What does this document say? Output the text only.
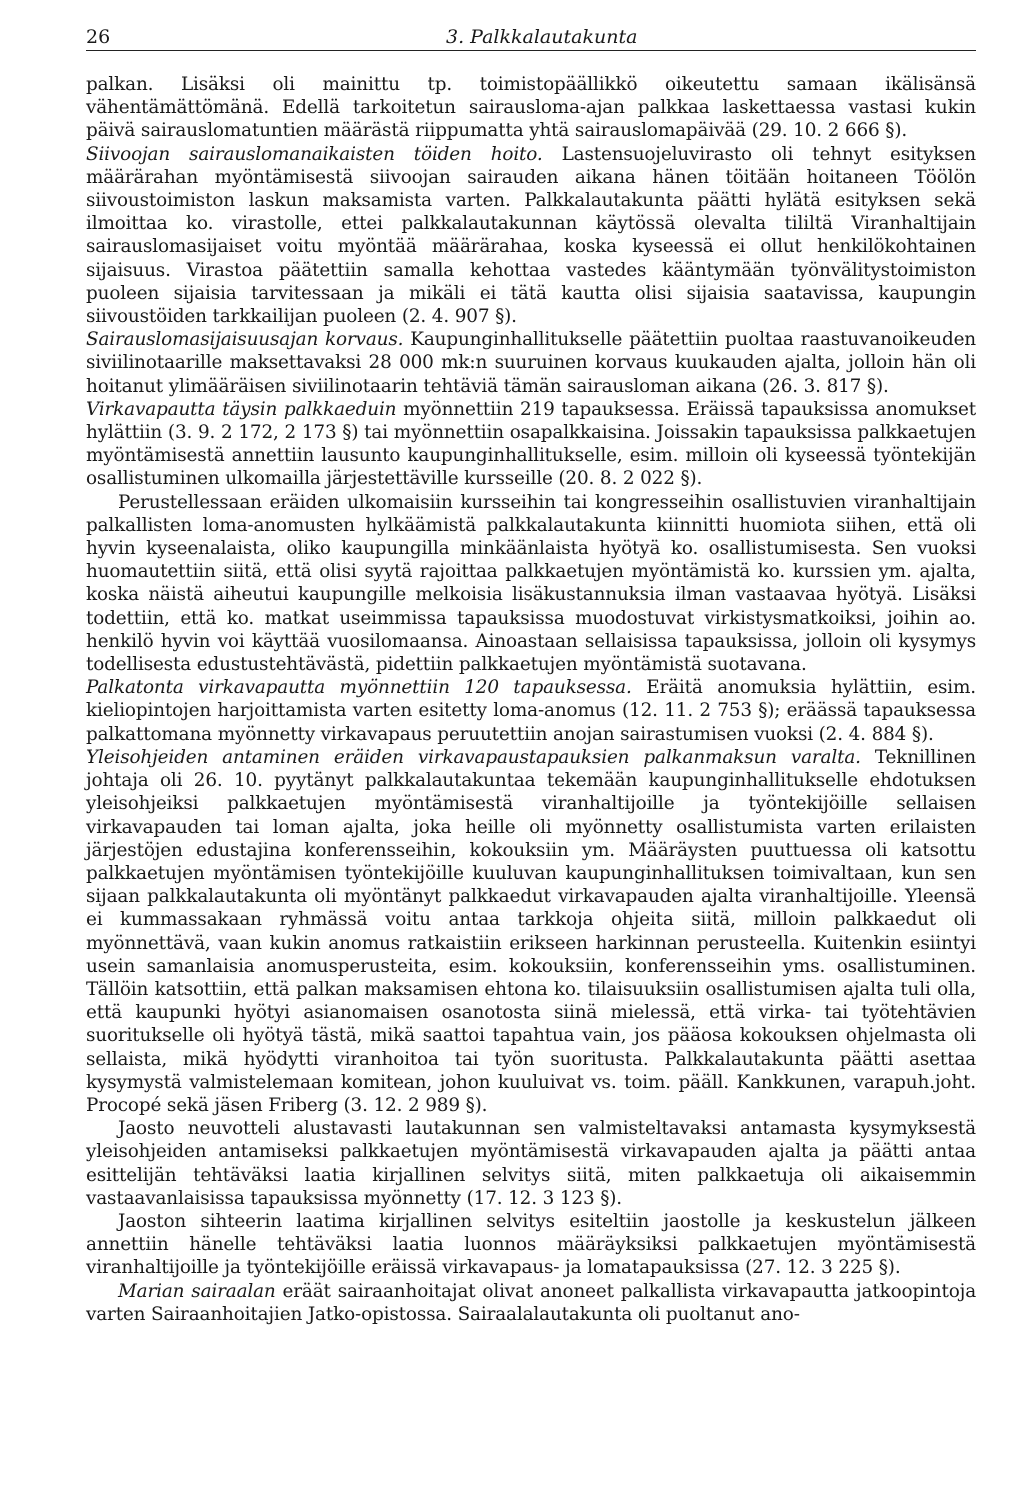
26	3. Palkkalautakunta

palkan. Lisäksi oli mainittu tp. toimistopäällikkö oikeutettu samaan ikälisänsä vähentämättömänä. Edellä tarkoitetun sairausloma-ajan palkkaa laskettaessa vastasi kukin päivä sairauslomatuntien määrästä riippumatta yhtä sairauslomapäivää (29. 10. 2 666 §).

Siivoojan sairauslomanaikaisten töiden hoito. Lastensuojeluvirasto oli tehnyt esityksen määrärahan myöntämisestä siivoojan sairauden aikana hänen töitään hoitaneen Töölön siivoustoimiston laskun maksamista varten. Palkkalautakunta päätti hylätä esityksen sekä ilmoittaa ko. virastolle, ettei palkkalautakunnan käytössä olevalta tililtä Viranhaltijain sairauslomasijaiset voitu myöntää määrärahaa, koska kyseessä ei ollut henkilökohtainen sijaisuus. Virastoa päätettiin samalla kehottaa vastedes kääntymään työnvälitystoimiston puoleen sijaisia tarvitessaan ja mikäli ei tätä kautta olisi sijaisia saatavissa, kaupungin siivoustöiden tarkkailijan puoleen (2. 4. 907 §).

Sairauslomasijaisuusajan korvaus. Kaupunginhallitukselle päätettiin puoltaa raastuvanoikeuden siviilinotaarille maksettavaksi 28 000 mk:n suuruinen korvaus kuukauden ajalta, jolloin hän oli hoitanut ylimääräisen siviilinotaarin tehtäviä tämän sairausloman aikana (26. 3. 817 §).

Virkavapautta täysin palkkaeduin myönnettiin 219 tapauksessa. Eräissä tapauksissa anomukset hylättiin (3. 9. 2 172, 2 173 §) tai myönnettiin osapalkkaisina. Joissakin tapauksissa palkkaetujen myöntämisestä annettiin lausunto kaupunginhallitukselle, esim. milloin oli kyseessä työntekijän osallistuminen ulkomailla järjestettäville kursseille (20. 8. 2 022 §).

Perustellessaan eräiden ulkomaisiin kursseihin tai kongresseihin osallistuvien viranhaltijain palkallisten loma-anomusten hylkäämistä palkkalautakunta kiinnitti huomiota siihen, että oli hyvin kyseenalaista, oliko kaupungilla minkäänlaista hyötyä ko. osallistumisesta. Sen vuoksi huomautettiin siitä, että olisi syytä rajoittaa palkkaetujen myöntämistä ko. kurssien ym. ajalta, koska näistä aiheutui kaupungille melkoisia lisäkustannuksia ilman vastaavaa hyötyä. Lisäksi todettiin, että ko. matkat useimmissa tapauksissa muodostuvat virkistysmatkoiksi, joihin ao. henkilö hyvin voi käyttää vuosilomaansa. Ainoastaan sellaisissa tapauksissa, jolloin oli kysymys todellisesta edustustehtävästä, pidettiin palkkaetujen myöntämistä suotavana.

Palkatonta virkavapautta myönnettiin 120 tapauksessa. Eräitä anomuksia hylättiin, esim. kieliopintojen harjoittamista varten esitetty loma-anomus (12. 11. 2 753 §); eräässä tapauksessa palkattomana myönnetty virkavapaus peruutettiin anojan sairastumisen vuoksi (2. 4. 884 §).

Yleisohjeiden antaminen eräiden virkavapaustapauksien palkanmaksun varalta. Teknillinen johtaja oli 26. 10. pyytänyt palkkalautakuntaa tekemään kaupunginhallitukselle ehdotuksen yleisohjeiksi palkkaetujen myöntämisestä viranhaltijoille ja työntekijöille sellaisen virkavapauden tai loman ajalta, joka heille oli myönnetty osallistumista varten erilaisten järjestöjen edustajina konferensseihin, kokouksiin ym. Määräysten puuttuessa oli katsottu palkkaetujen myöntämisen työntekijöille kuuluvan kaupunginhallituksen toimivaltaan, kun sen sijaan palkkalautakunta oli myöntänyt palkkaedut virkavapauden ajalta viranhaltijoille. Yleensä ei kummassakaan ryhmässä voitu antaa tarkkoja ohjeita siitä, milloin palkkaedut oli myönnettävä, vaan kukin anomus ratkaistiin erikseen harkinnan perusteella. Kuitenkin esiintyi usein samanlaisia anomusperusteita, esim. kokouksiin, konferensseihin yms. osallistuminen. Tällöin katsottiin, että palkan maksamisen ehtona ko. tilaisuuksiin osallistumisen ajalta tuli olla, että kaupunki hyötyi asianomaisen osanotosta siinä mielessä, että virka- tai työtehtävien suoritukselle oli hyötyä tästä, mikä saattoi tapahtua vain, jos pääosa kokouksen ohjelmasta oli sellaista, mikä hyödytti viranhoitoa tai työn suoritusta. Palkkalautakunta päätti asettaa kysymystä valmistelemaan komitean, johon kuuluivat vs. toim. pääll. Kankkunen, varapuh.joht. Procopé sekä jäsen Friberg (3. 12. 2 989 §).

Jaosto neuvotteli alustavasti lautakunnan sen valmisteltavaksi antamasta kysymyksestä yleisohjeiden antamiseksi palkkaetujen myöntämisestä virkavapauden ajalta ja päätti antaa esittelijän tehtäväksi laatia kirjallinen selvitys siitä, miten palkkaetuja oli aikaisemmin vastaavanlaisissa tapauksissa myönnetty (17. 12. 3 123 §).

Jaoston sihteerin laatima kirjallinen selvitys esiteltiin jaostolle ja keskustelun jälkeen annettiin hänelle tehtäväksi laatia luonnos määräyksiksi palkkaetujen myöntämisestä viranhaltijoille ja työntekijöille eräissä virkavapaus- ja lomatapauksissa (27. 12. 3 225 §).

Marian sairaalan eräät sairaanhoitajat olivat anoneet palkallista virkavapautta jatkoopintoja varten Sairaanhoitajien Jatko-opistossa. Sairaalalautakunta oli puoltanut ano-
